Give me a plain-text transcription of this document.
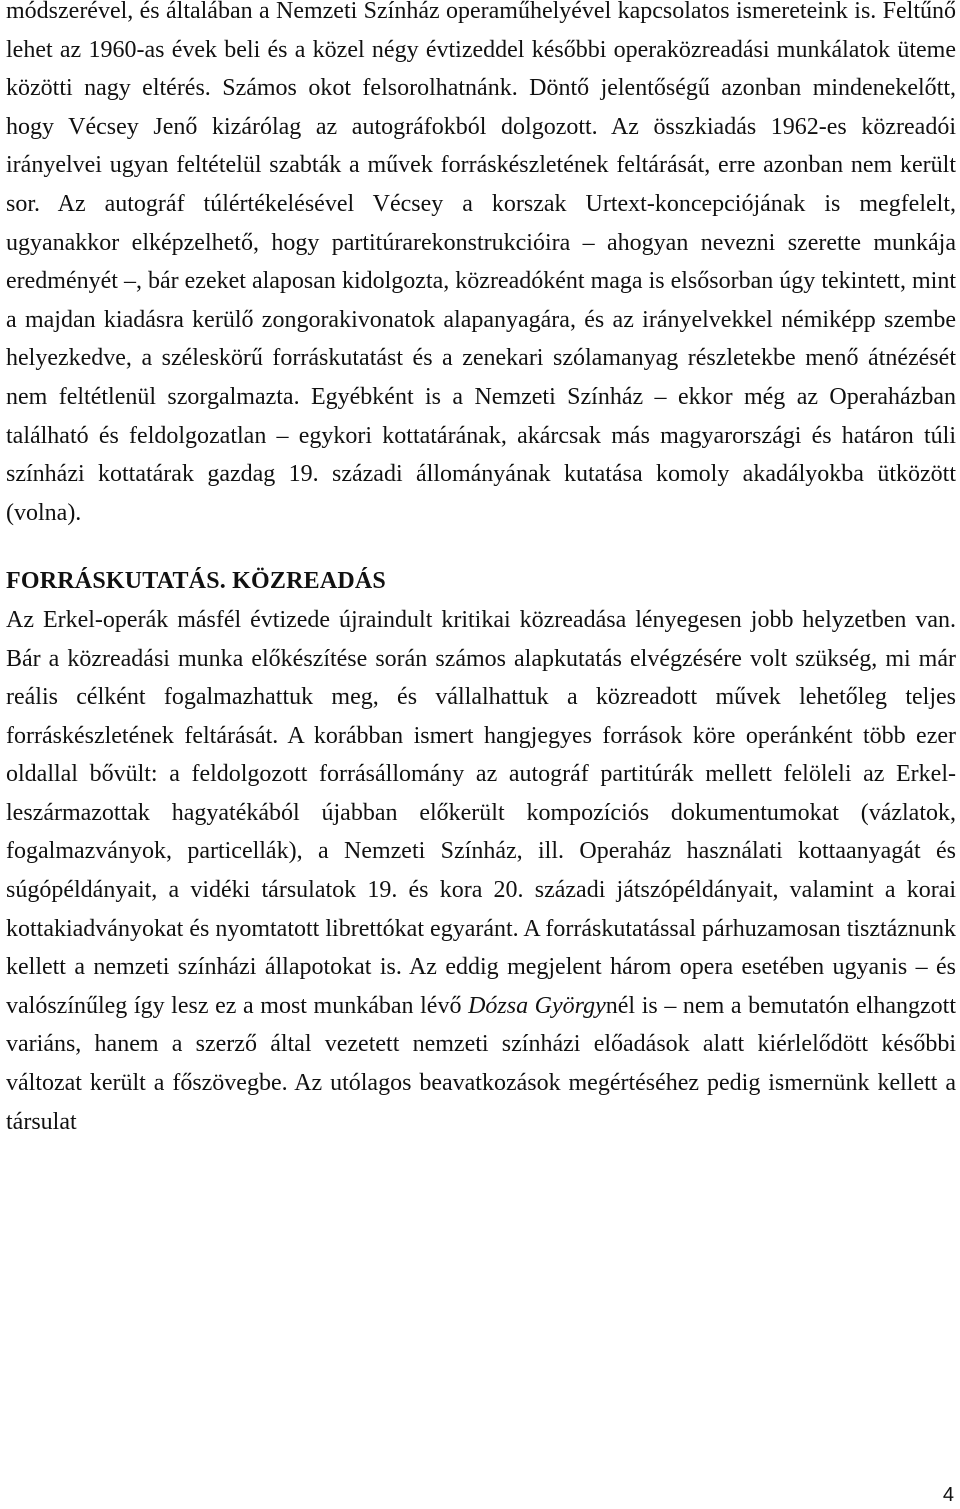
módszerével, és általában a Nemzeti Színház operaműhelyével kapcsolatos ismereteink is. Feltűnő lehet az 1960-as évek beli és a közel négy évtizeddel későbbi operaközreadási munkálatok üteme közötti nagy eltérés. Számos okot felsorolhatnánk. Döntő jelentőségű azonban mindenekelőtt, hogy Vécsey Jenő kizárólag az autográfokból dolgozott. Az összkiadás 1962-es közreadói irányelvei ugyan feltételül szabták a művek forráskészletének feltárását, erre azonban nem került sor. Az autográf túlértékelésével Vécsey a korszak Urtext-koncepciójának is megfelelt, ugyanakkor elképzelhető, hogy partitúrarekonstrukcióira – ahogyan nevezni szerette munkája eredményét –, bár ezeket alaposan kidolgozta, közreadóként maga is elsősorban úgy tekintett, mint a majdan kiadásra kerülő zongorakivonatok alapanyagára, és az irányelvekkel némiképp szembe helyezkedve, a széleskörű forráskutatást és a zenekari szólamanyag részletekbe menő átnézését nem feltétlenül szorgalmazta. Egyébként is a Nemzeti Színház – ekkor még az Operaházban található és feldolgozatlan – egykori kottatárának, akárcsak más magyarországi és határon túli színházi kottatárak gazdag 19. századi állományának kutatása komoly akadályokba ütközött (volna).

FORRÁSKUTATÁS. KÖZREADÁS

Az Erkel-operák másfél évtizede újraindult kritikai közreadása lényegesen jobb helyzetben van. Bár a közreadási munka előkészítése során számos alapkutatás elvégzésére volt szükség, mi már reális célként fogalmazhattuk meg, és vállalhattuk a közreadott művek lehetőleg teljes forráskészletének feltárását. A korábban ismert hangjegyes források köre operánként több ezer oldallal bővült: a feldolgozott forrásállomány az autográf partitúrák mellett felöleli az Erkel-leszármazottak hagyatékából újabban előkerült kompozíciós dokumentumokat (vázlatok, fogalmazványok, particellák), a Nemzeti Színház, ill. Operaház használati kottaanyagát és súgópéldányait, a vidéki társulatok 19. és kora 20. századi játszópéldányait, valamint a korai kottakiadványokat és nyomtatott librettókat egyaránt. A forráskutatással párhuzamosan tisztáznunk kellett a nemzeti színházi állapotokat is. Az eddig megjelent három opera esetében ugyanis – és valószínűleg így lesz ez a most munkában lévő Dózsa Györgynél is – nem a bemutatón elhangzott variáns, hanem a szerző által vezetett nemzeti színházi előadások alatt kiérlelődött későbbi változat került a főszövegbe. Az utólagos beavatkozások megértéséhez pedig ismernünk kellett a társulat

4
